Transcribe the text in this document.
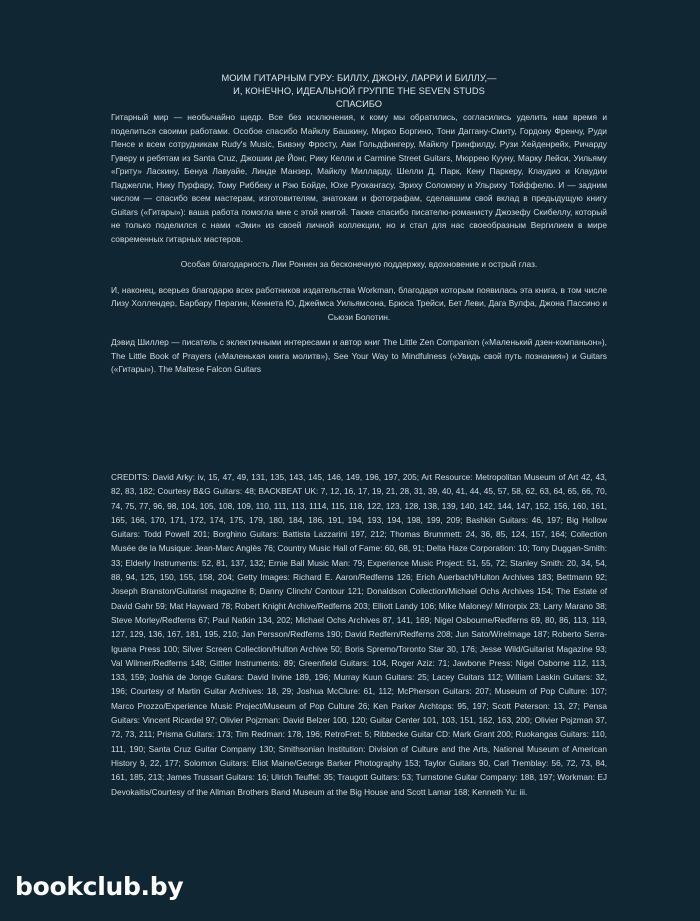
МОИМ ГИТАРНЫМ ГУРУ: БИЛЛУ, ДЖОНУ, ЛАРРИ И БИЛЛУ,—
И, КОНЕЧНО, ИДЕАЛЬНОЙ ГРУППЕ THE SEVEN STUDS
СПАСИБО

Гитарный мир — необычайно щедр. Все без исключения, к кому мы обратились, согласились уделить нам время и поделиться своими работами. Особое спасибо Майклу Башкину, Мирко Боргино, Тони Даггану-Смиту, Гордону Френчу, Руди Пенсе и всем сотрудникам Rudy's Music, Бивэну Фросту, Ави Гольдфингеру, Майклу Гринфилду, Рузи Хейденрейх, Ричарду Гуверу и ребятам из Santa Cruz, Джошии де Йонг, Рику Келли и Carmine Street Guitars, Мюррею Кууну, Марку Лейси, Уильяму «Гриту» Ласкину, Бенуа Лавуайе, Линде Манзер, Майклу Милларду, Шелли Д. Парк, Кену Паркеру, Клаудио и Клаудии Паджелли, Нику Пурфару, Тому Риббеку и Рэю Бойде, Юхе Руокангасу, Эриху Соломону и Ульриху Тойффелю. И — задним числом — спасибо всем мастерам, изготовителям, знатокам и фотографам, сделавшим свой вклад в предыдущую книгу Guitars («Гитары»): ваша работа помогла мне с этой книгой. Также спасибо писателю-романисту Джозефу Скибеллу, который не только поделился с нами «Эми» из своей личной коллекции, но и стал для нас своеобразным Вергилием в мире современных гитарных мастеров.

Особая благодарность Лии Роннен за бесконечную поддержку, вдохновение и острый глаз.

И, наконец, всерьез благодарю всех работников издательства Workman, благодаря которым появилась эта книга, в том числе Лизу Холлендер, Барбару Перагин, Кеннета Ю, Джеймса Уильямсона, Брюса Трейси, Бет Леви, Дага Вулфа, Джона Пассино и Сьюзи Болотин.

Дэвид Шиллер — писатель с эклектичными интересами и автор книг The Little Zen Companion («Маленький дзен-компаньон»), The Little Book of Prayers («Маленькая книга молитв»), See Your Way to Mindfulness («Увидь свой путь познания») и Guitars («Гитары»). The Maltese Falcon Guitars

CREDITS: David Arky: iv, 15, 47, 49, 131, 135, 143, 145, 146, 149, 196, 197, 205; Art Resource: Metropolitan Museum of Art 42, 43, 82, 83, 182; Courtesy B&G Guitars: 48; BACKBEAT UK: 7, 12, 16, 17, 19, 21, 28, 31, 39, 40, 41, 44, 45, 57, 58, 62, 63, 64, 65, 66, 70, 74, 75, 77, 96, 98, 104, 105, 108, 109, 110, 111, 113, 1114, 115, 118, 122, 123, 128, 138, 139, 140, 142, 144, 147, 152, 156, 160, 161, 165, 166, 170, 171, 172, 174, 175, 179, 180, 184, 186, 191, 194, 193, 194, 198, 199, 209; Bashkin Guitars: 46, 197; Big Hollow Guitars: Todd Powell 201; Borghino Guitars: Battista Lazzarini 197, 212; Thomas Brummett: 24, 36, 85, 124, 157, 164; Collection Musée de la Musique: Jean-Marc Anglès 76; Country Music Hall of Fame: 60, 68, 91; Delta Haze Corporation: 10; Tony Duggan-Smith: 33; Elderly Instruments: 52, 81, 137, 132; Ernie Ball Music Man: 79; Experience Music Project: 51, 55, 72; Stanley Smith: 20, 34, 54, 88, 94, 125, 150, 155, 158, 204; Getty Images: Richard E. Aaron/Redferns 126; Erich Auerbach/Hulton Archives 183; Bettmann 92; Joseph Branston/Guitarist magazine 8; Danny Clinch/ Contour 121; Donaldson Collection/Michael Ochs Archives 154; The Estate of David Gahr 59; Mat Hayward 78; Robert Knight Archive/Redferns 203; Elliott Landy 106; Mike Maloney/ Mirrorpix 23; Larry Marano 38; Steve Morley/Redferns 67; Paul Natkin 134, 202; Michael Ochs Archives 87, 141, 169; Nigel Osbourne/Redferns 69, 80, 86, 113, 119, 127, 129, 136, 167, 181, 195, 210; Jan Persson/Redferns 190; David Redfern/Redferns 208; Jun Sato/WireImage 187; Roberto Serra-Iguana Press 100; Silver Screen Collection/Hulton Archive 50; Boris Spremo/Toronto Star 30, 176; Jesse Wild/Guitarist Magazine 93; Val Wilmer/Redferns 148; Gittler Instruments: 89; Greenfield Guitars: 104, Roger Aziz: 71; Jawbone Press: Nigel Osborne 112, 113, 133, 159; Joshia de Jonge Guitars: David Irvine 189, 196; Murray Kuun Guitars: 25; Lacey Guitars 112; William Laskin Guitars: 32, 196; Courtesy of Martin Guitar Archives: 18, 29; Joshua McClure: 61, 112; McPherson Guitars: 207; Museum of Pop Culture: 107; Marco Prozzo/Experience Music Project/Museum of Pop Culture 26; Ken Parker Archtops: 95, 197; Scott Peterson: 13, 27; Pensa Guitars: Vincent Ricardel 97; Olivier Pojzman: David Belzer 100, 120; Guitar Center 101, 103, 151, 162, 163, 200; Olivier Pojzman 37, 72, 73, 211; Prisma Guitars: 173; Tim Redman: 178, 196; RetroFret: 5; Ribbecke Guitar CD: Mark Grant 200; Ruokangas Guitars: 110, 111, 190; Santa Cruz Guitar Company 130; Smithsonian Institution: Division of Culture and the Arts, National Museum of American History 9, 22, 177; Solomon Guitars: Eliot Maine/George Barker Photography 153; Taylor Guitars 90, Carl Tremblay: 56, 72, 73, 84, 161, 185, 213; James Trussart Guitars: 16; Ulrich Teuffel: 35; Traugott Guitars: 53; Turnstone Guitar Company: 188, 197; Workman: EJ Devokaitis/Courtesy of the Allman Brothers Band Museum at the Big House and Scott Lamar 168; Kenneth Yu: iii.

bookclub.by
